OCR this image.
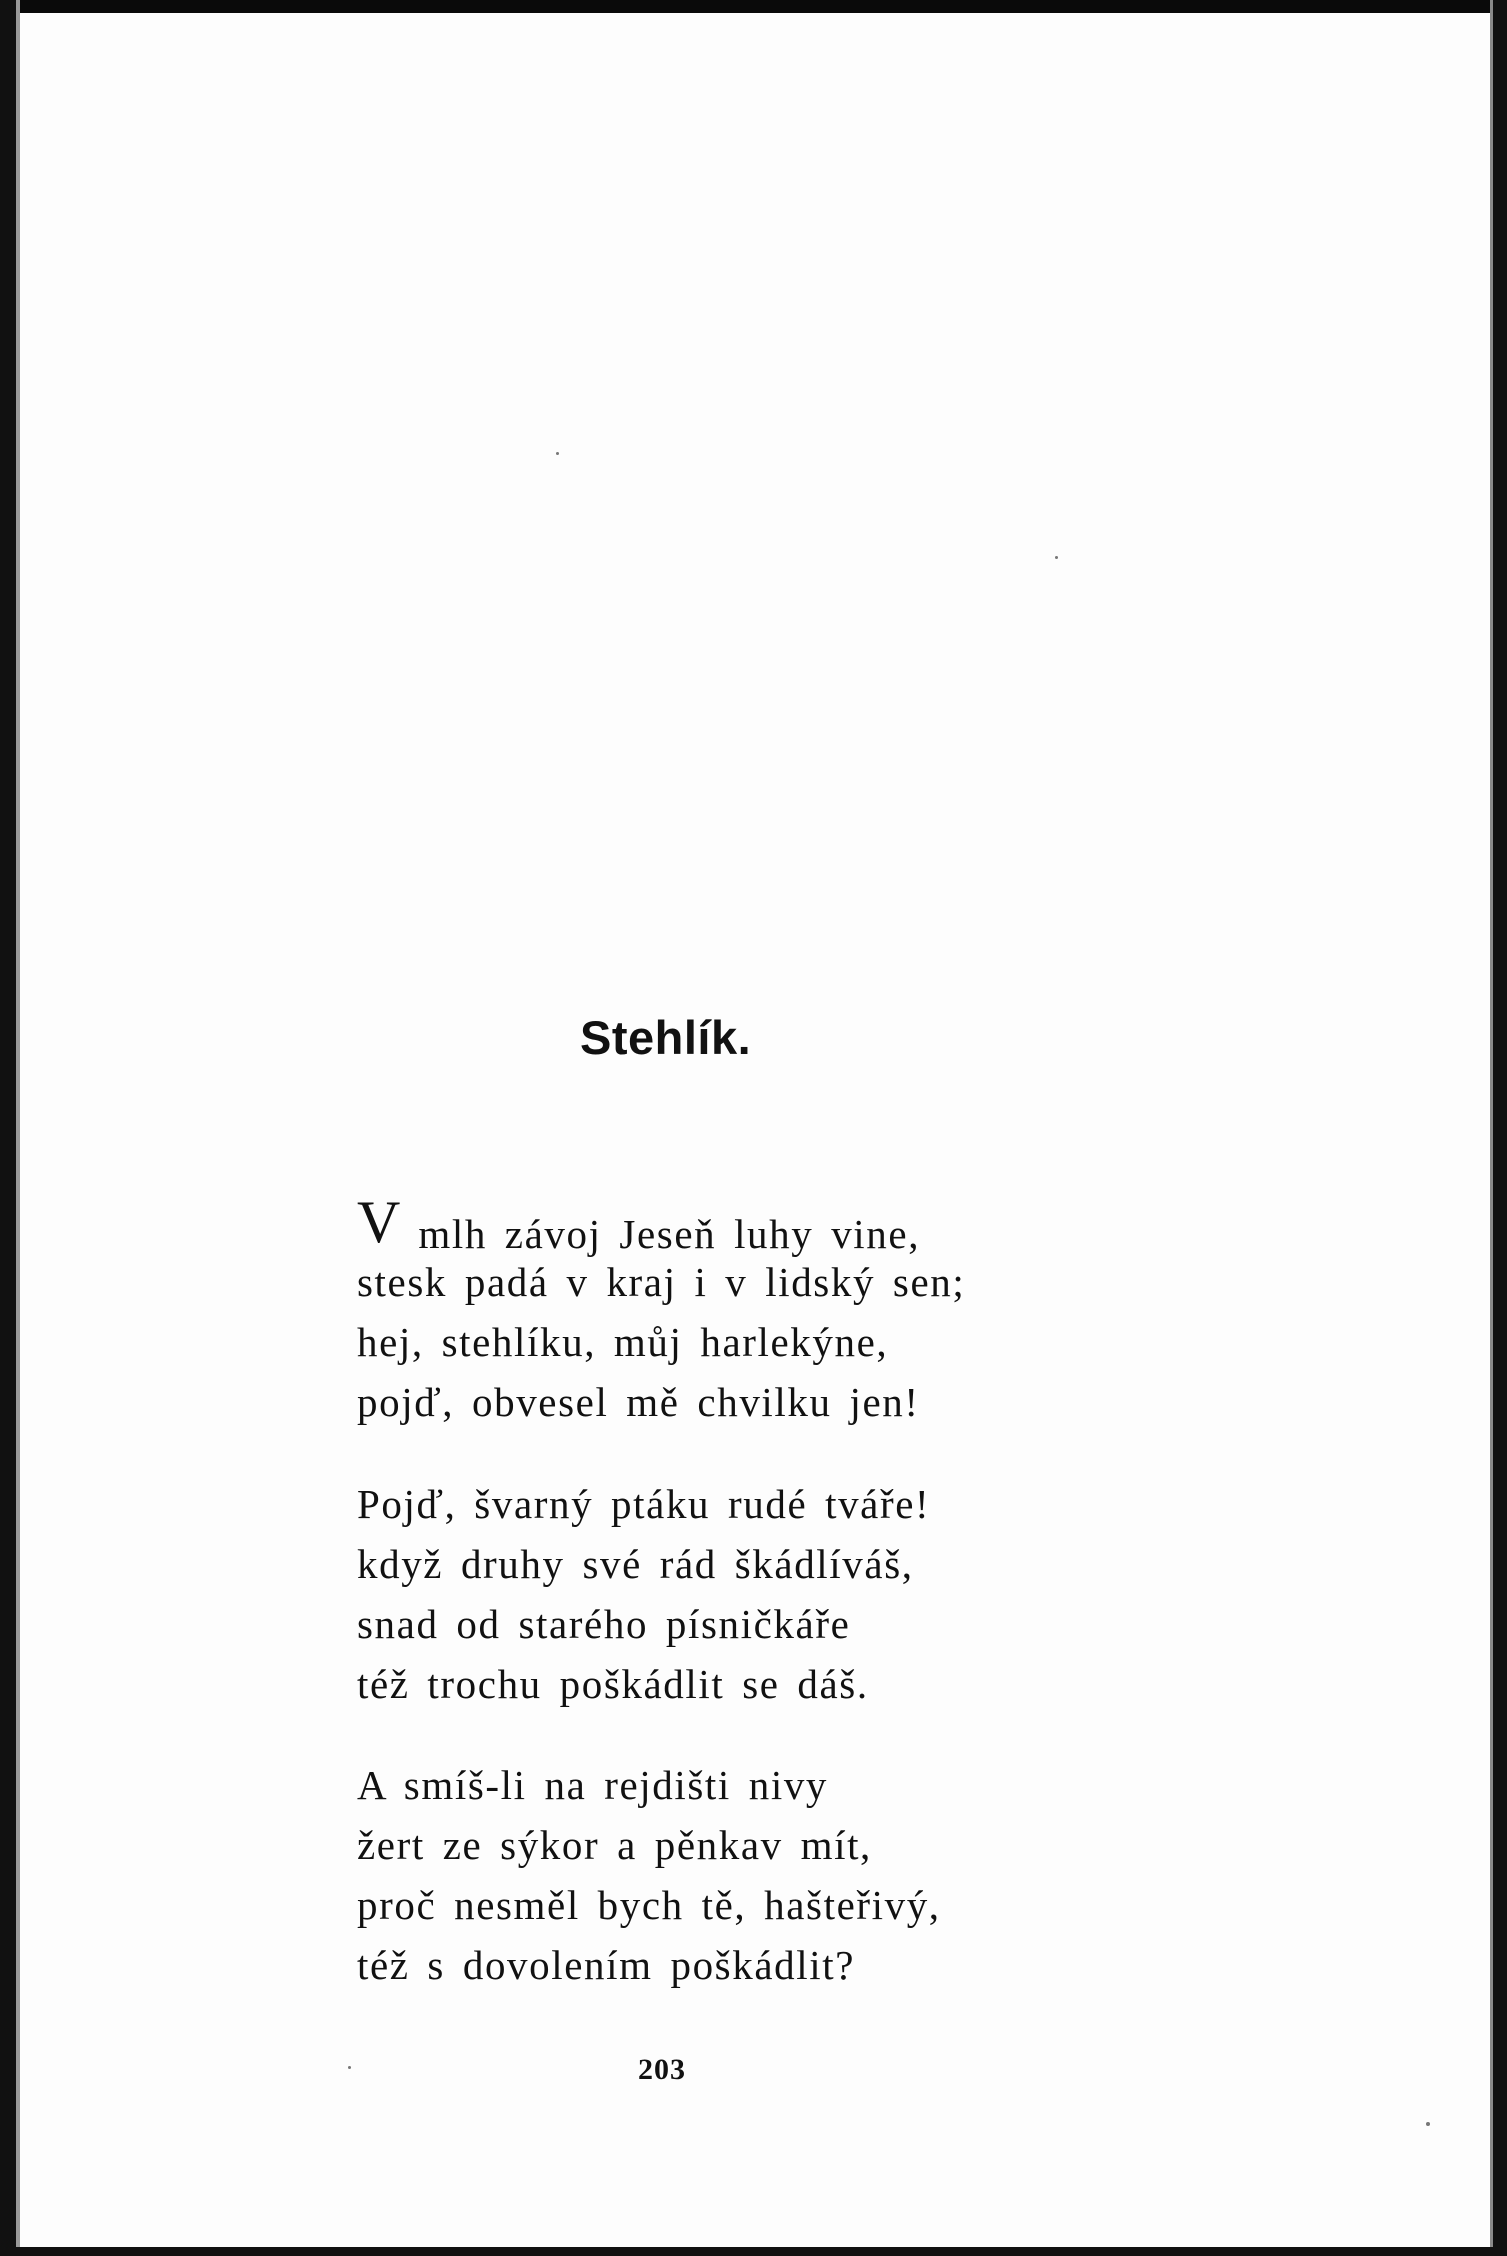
Stehlík.
V mlh závoj Jeseň luhy vine,
stesk padá v kraj i v lidský sen;
hej, stehlíku, můj harlekýne,
pojď, obvesel mě chvilku jen!
Pojď, švarný ptáku rudé tváře!
když druhy své rád škádlíváš,
snad od starého písničkáře
též trochu poškádlit se dáš.
A smíš-li na rejdišti nivy
žert ze sýkor a pěnkav mít,
proč nesměl bych tě, hašteřivý,
též s dovolením poškádlit?
203
